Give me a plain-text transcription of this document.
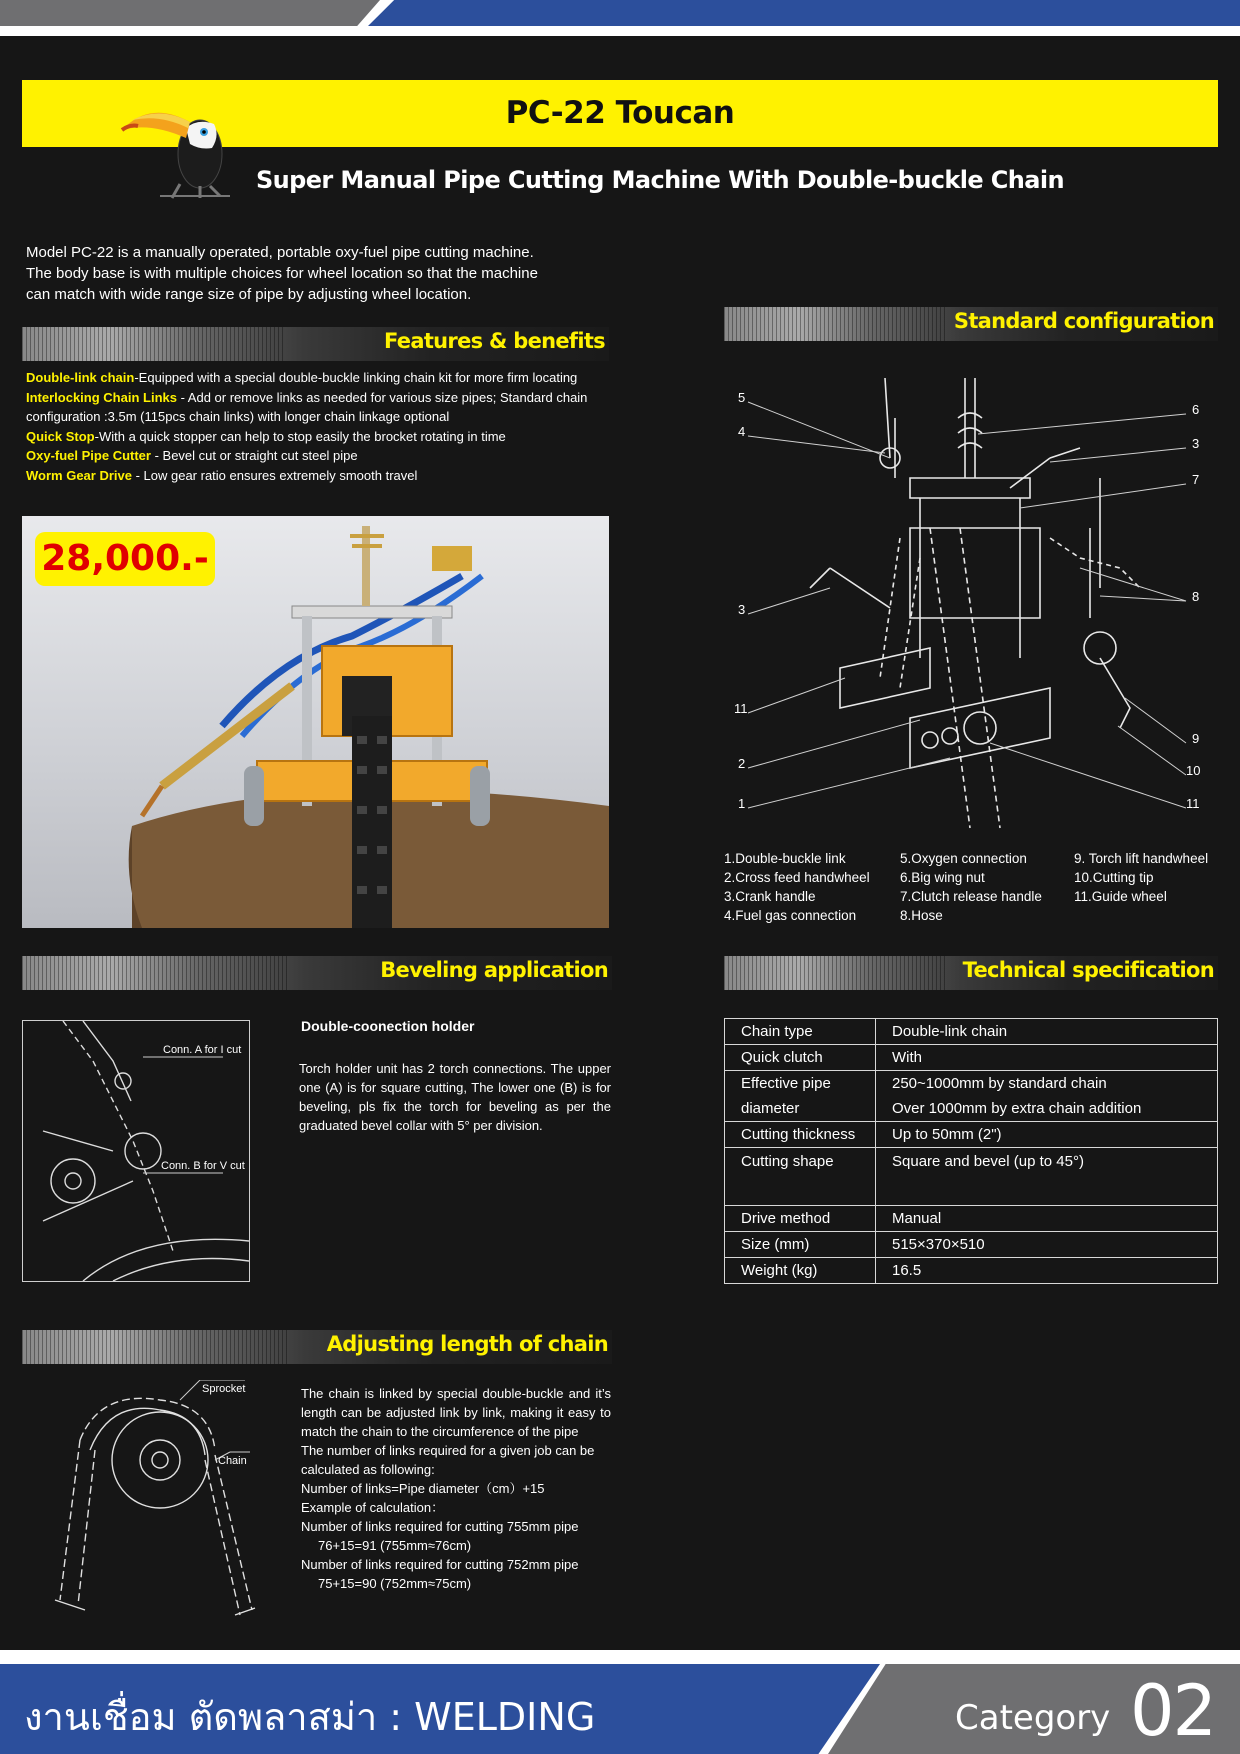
PC-22 Toucan
Super Manual Pipe Cutting Machine With Double-buckle Chain
Model PC-22 is a manually operated, portable oxy-fuel pipe cutting machine.
The body base is with multiple choices for wheel location so that the machine
can match with wide range size of pipe by adjusting wheel location.
Features & benefits
Double-link chain-Equipped with a special double-buckle linking chain kit for more firm locating
Interlocking Chain Links - Add or remove links as needed for various size pipes; Standard chain configuration :3.5m (115pcs chain links) with longer chain linkage optional
Quick Stop-With a quick stopper can help to stop easily the brocket rotating in time
Oxy-fuel Pipe Cutter - Bevel cut or straight cut steel pipe
Worm Gear Drive - Low gear ratio ensures extremely smooth travel
28,000.-
Standard configuration
5
4
6
3
7
8
3
11
9
2	10
1	11
1.Double-buckle link
2.Cross feed handwheel
3.Crank handle
4.Fuel gas connection
5.Oxygen connection
6.Big wing nut
7.Clutch release handle
8.Hose
9. Torch lift handwheel
10.Cutting tip
11.Guide wheel
Beveling application
Conn. A for I cut
Conn. B for V cut
Double-coonection holder
Torch holder unit has 2 torch connections. The upper one (A) is for square cutting, The lower one (B) is for beveling, pls fix the torch for beveling as per the graduated bevel collar with 5° per division.
Technical specification
Chain type	Double-link chain
Quick clutch	With
Effective pipe	250~1000mm by standard chain
diameter	Over 1000mm by extra chain addition
Cutting thickness	Up to 50mm (2")
Cutting shape	Square and bevel (up to 45°)
Drive method	Manual
Size (mm)	515×370×510
Weight (kg)	16.5
Adjusting length of chain
Sprocket
Chain
The chain is linked by special double-buckle and it’s length can be adjusted link by link, making it easy to match the chain to the circumference of the pipe
The number of links required for a given job can be calculated as following:
Number of links=Pipe diameter（cm）+15
Example of calculation：
Number of links required for cutting 755mm pipe
76+15=91 (755mm≈76cm)
Number of links required for cutting 752mm pipe
75+15=90 (752mm≈75cm)
งานเชื่อม ตัดพลาสม่า : WELDING	Category 02
